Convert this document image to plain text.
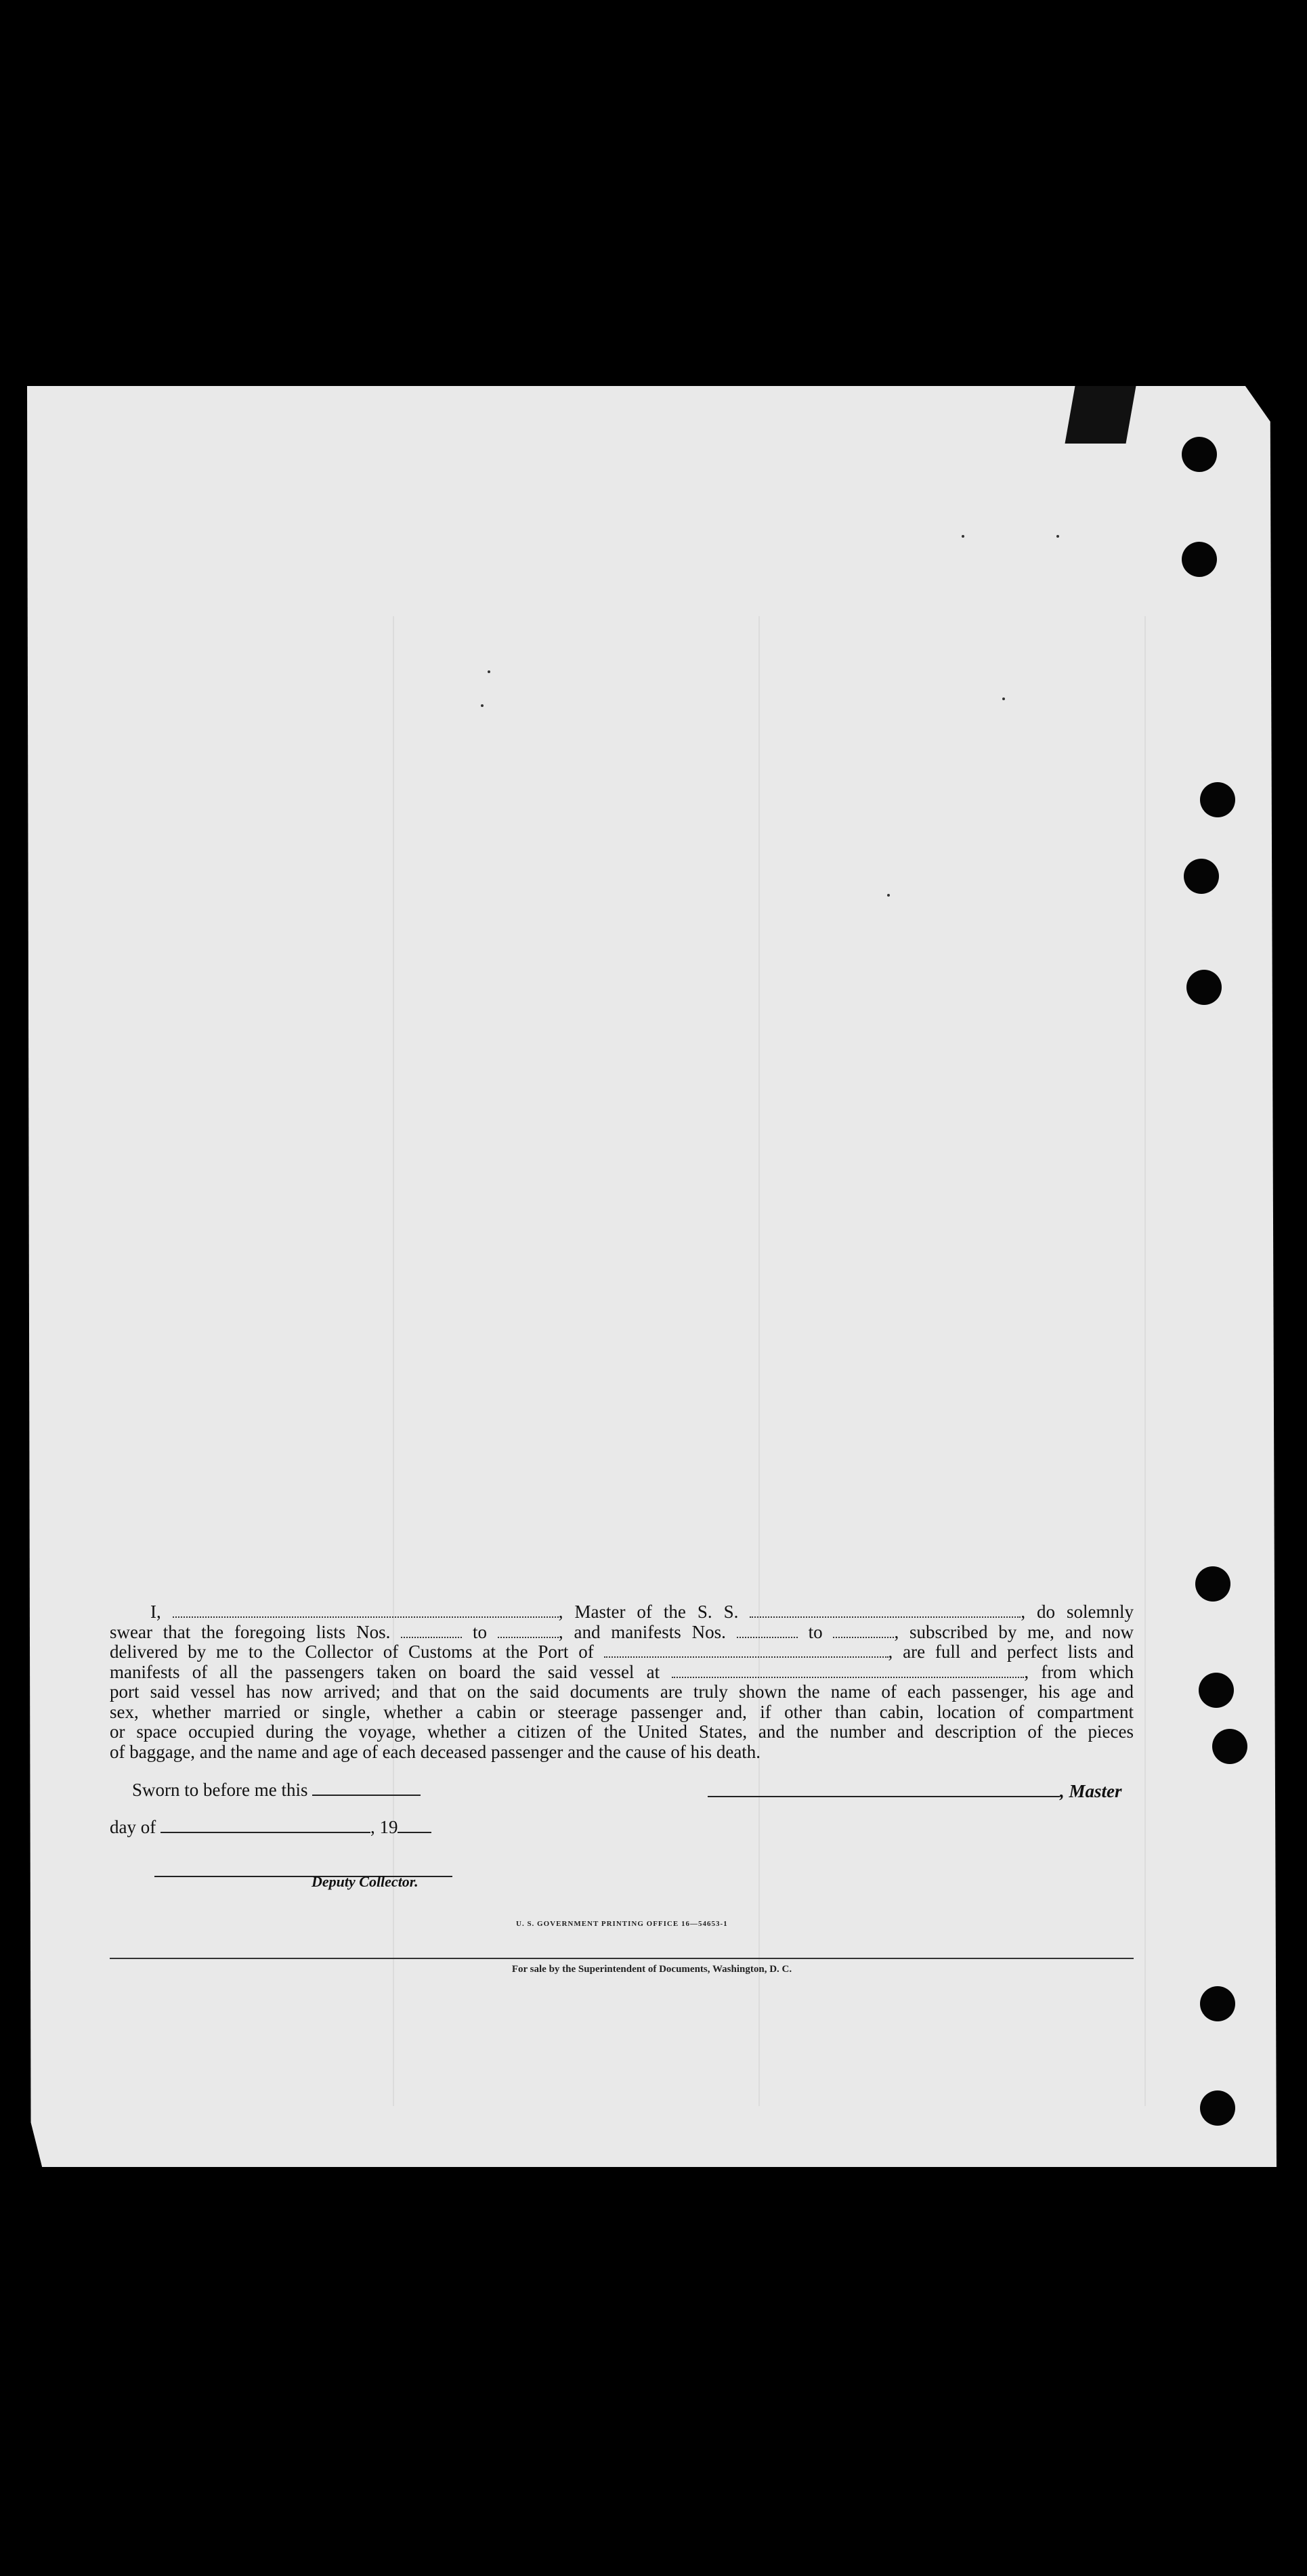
I,	, Master of the S. S.	, do solemnly
swear that the foregoing lists Nos.	to	, and manifests Nos.	to	, subscribed by me, and now
delivered by me to the Collector of Customs at the Port of	, are full and perfect lists and
manifests of all the passengers taken on board the said vessel at	, from which
port said vessel has now arrived; and that on the said documents are truly shown the name of each passenger, his age and
sex, whether married or single, whether a cabin or steerage passenger and, if other than cabin, location of compartment
or space occupied during the voyage, whether a citizen of the United States, and the number and description of the pieces
of baggage, and the name and age of each deceased passenger and the cause of his death.
Sworn to before me this	, Master
day of	, 19
Deputy Collector.
U. S. GOVERNMENT PRINTING OFFICE 16—54653-1
For sale by the Superintendent of Documents, Washington, D. C.
